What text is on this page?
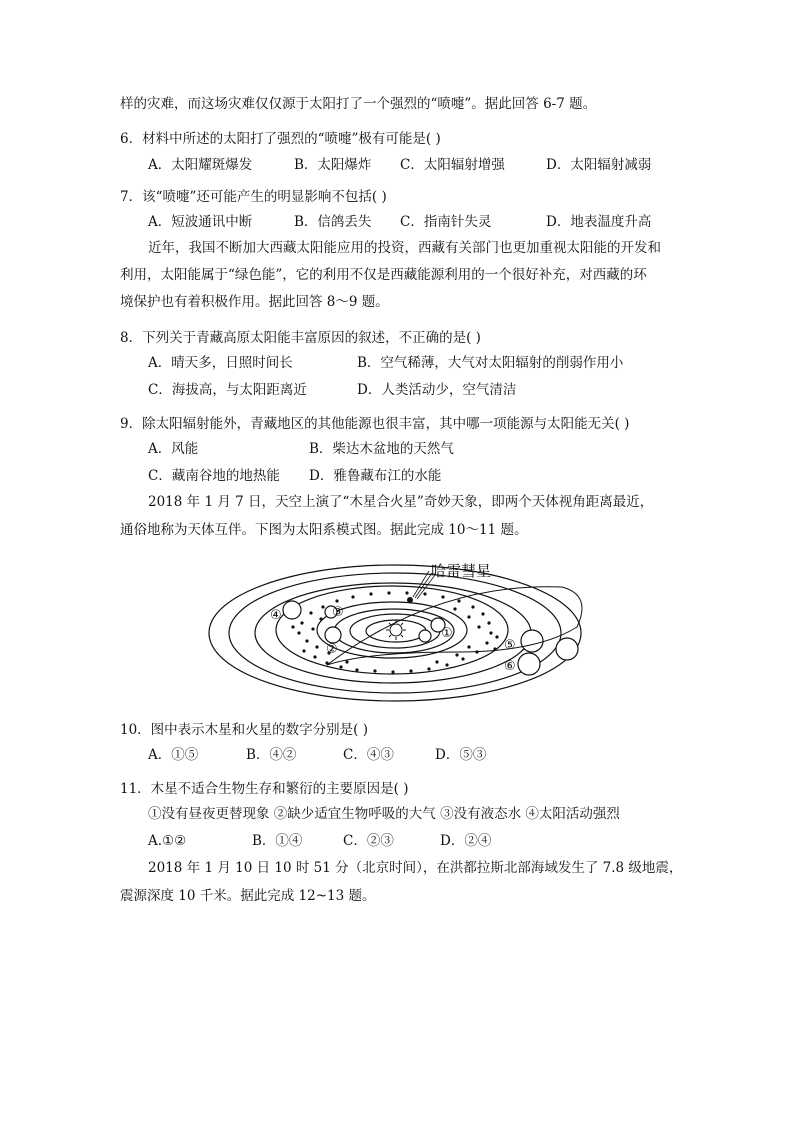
样的灾难，而这场灾难仅仅源于太阳打了一个强烈的“喷嚏”。据此回答 6-7 题。
6．材料中所述的太阳打了强烈的“喷嚏”极有可能是( )
A．太阳耀斑爆发	B．太阳爆炸 C．太阳辐射增强	D．太阳辐射减弱
7．该“喷嚏”还可能产生的明显影响不包括( )
A．短波通讯中断	B．信鸽丢失 C．指南针失灵	D．地表温度升高
近年，我国不断加大西藏太阳能应用的投资，西藏有关部门也更加重视太阳能的开发和
利用，太阳能属于“绿色能”，它的利用不仅是西藏能源利用的一个很好补充，对西藏的环
境保护也有着积极作用。据此回答 8～9 题。
8．下列关于青藏高原太阳能丰富原因的叙述，不正确的是( )
A．晴天多，日照时间长	B．空气稀薄，大气对太阳辐射的削弱作用小
C．海拔高，与太阳距离近	D．人类活动少，空气清洁
9．除太阳辐射能外，青藏地区的其他能源也很丰富，其中哪一项能源与太阳能无关( )
A．风能	B．柴达木盆地的天然气
C．藏南谷地的地热能 D．雅鲁藏布江的水能
2018 年 1 月 7 日，天空上演了“木星合火星”奇妙天象，即两个天体视角距离最近，
通俗地称为天体互伴。下图为太阳系模式图。据此完成 10～11 题。
哈雷彗星
①
②
③
④
⑤
⑥
10．图中表示木星和火星的数字分别是( )
A．①⑤	B．④②	C．④③	D．⑤③
11．木星不适合生物生存和繁衍的主要原因是( )
①没有昼夜更替现象 ②缺少适宜生物呼吸的大气 ③没有液态水 ④太阳活动强烈
A.①②	B．①④	C．②③	D．②④
2018 年 1 月 10 日 10 时 51 分（北京时间），在洪都拉斯北部海域发生了 7.8 级地震，
震源深度 10 千米。据此完成 12~13 题。
